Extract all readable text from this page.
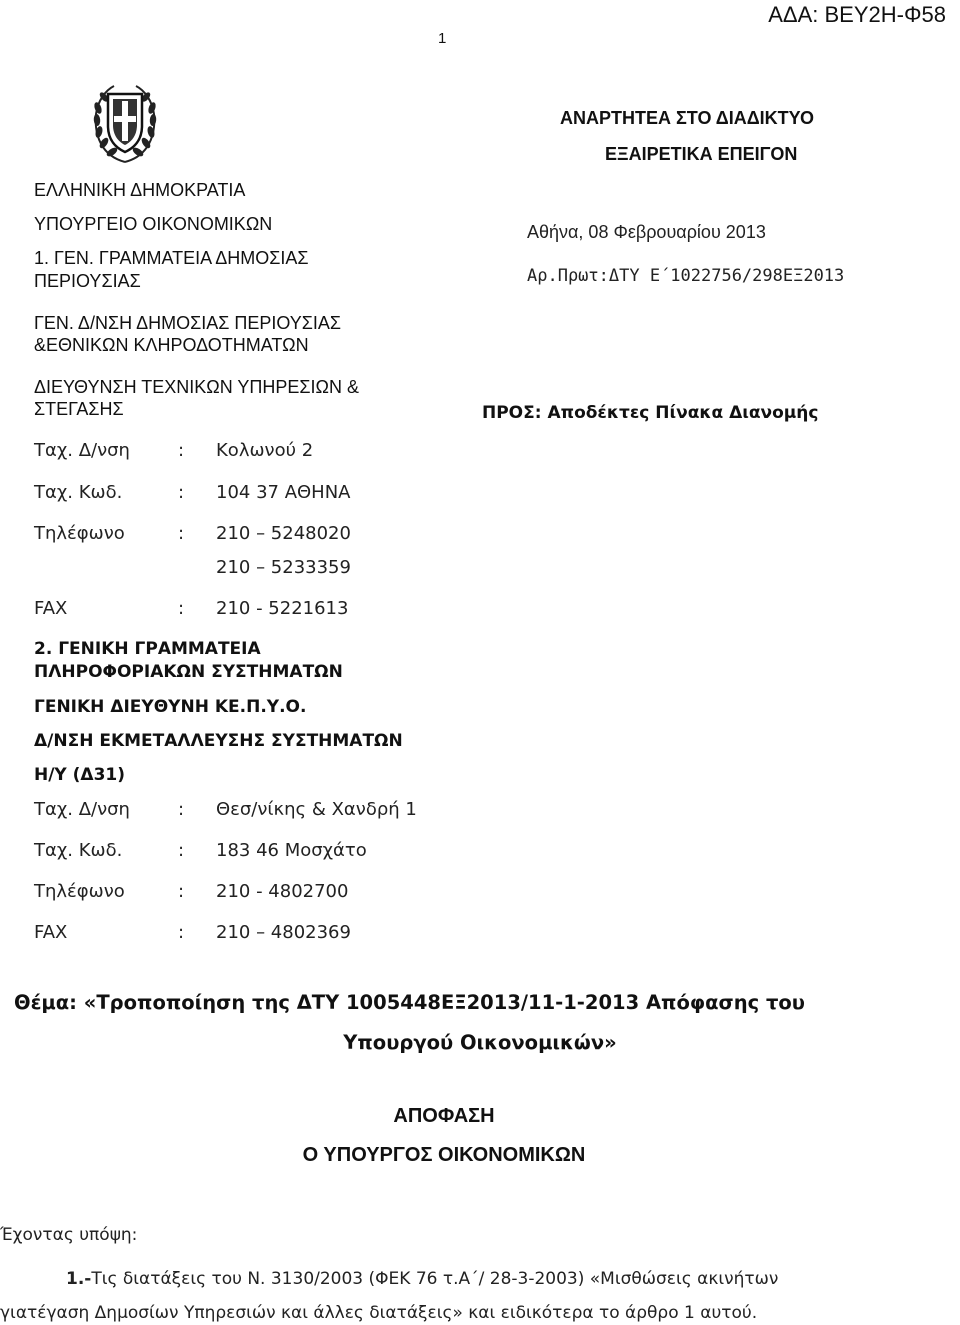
ΑΔΑ: ΒΕΥ2Η-Φ58
1
ΑΝΑΡΤΗΤΕΑ ΣΤΟ ΔΙΑΔΙΚΤΥΟ
ΕΞΑΙΡΕΤΙΚΑ ΕΠΕΙΓΟΝ
ΕΛΛΗΝΙΚΗ ΔΗΜΟΚΡΑΤΙΑ
ΥΠΟΥΡΓΕΙΟ ΟΙΚΟΝΟΜΙΚΩΝ
1. ΓΕΝ. ΓΡΑΜΜΑΤΕΙΑ ΔΗΜΟΣΙΑΣ
ΠΕΡΙΟΥΣΙΑΣ
ΓΕΝ. Δ/ΝΣΗ ΔΗΜΟΣΙΑΣ ΠΕΡΙΟΥΣΙΑΣ
&ΕΘΝΙΚΩΝ ΚΛΗΡΟΔΟΤΗΜΑΤΩΝ
ΔΙΕΥΘΥΝΣΗ ΤΕΧΝΙΚΩΝ ΥΠΗΡΕΣΙΩΝ &
ΣΤΕΓΑΣΗΣ
Ταχ. Δ/νση	: Κολωνού 2
Ταχ. Κωδ.	: 104 37 ΑΘΗΝΑ
Τηλέφωνο	: 210 – 5248020
210 – 5233359
FAX	: 210 - 5221613
Αθήνα, 08 Φεβρουαρίου 2013
Αρ.Πρωτ:ΔΤΥ Ε΄1022756/298ΕΞ2013
ΠΡΟΣ: Αποδέκτες Πίνακα Διανομής
2. ΓΕΝΙΚΗ ΓΡΑΜΜΑΤΕΙΑ
ΠΛΗΡΟΦΟΡΙΑΚΩΝ ΣΥΣΤΗΜΑΤΩΝ
ΓΕΝΙΚΗ ΔΙΕΥΘΥΝΗ ΚΕ.Π.Υ.Ο.
Δ/ΝΣΗ ΕΚΜΕΤΑΛΛΕΥΣΗΣ ΣΥΣΤΗΜΑΤΩΝ
Η/Υ (Δ31)
Ταχ. Δ/νση	: Θεσ/νίκης & Χανδρή 1
Ταχ. Κωδ.	: 183 46 Μοσχάτο
Τηλέφωνο	: 210 - 4802700
FAX	: 210 – 4802369
Θέμα: «Τροποποίηση της ΔΤΥ 1005448ΕΞ2013/11-1-2013 Απόφασης του
Υπουργού Οικονομικών»
ΑΠΟΦΑΣΗ
Ο ΥΠΟΥΡΓΟΣ ΟΙΚΟΝΟΜΙΚΩΝ
Έχοντας υπόψη:
1.-Τις διατάξεις του Ν. 3130/2003 (ΦΕΚ 76 τ.Α΄/ 28-3-2003) «Μισθώσεις ακινήτων
γιατέγαση Δημοσίων Υπηρεσιών και άλλες διατάξεις» και ειδικότερα το άρθρο 1 αυτού.
